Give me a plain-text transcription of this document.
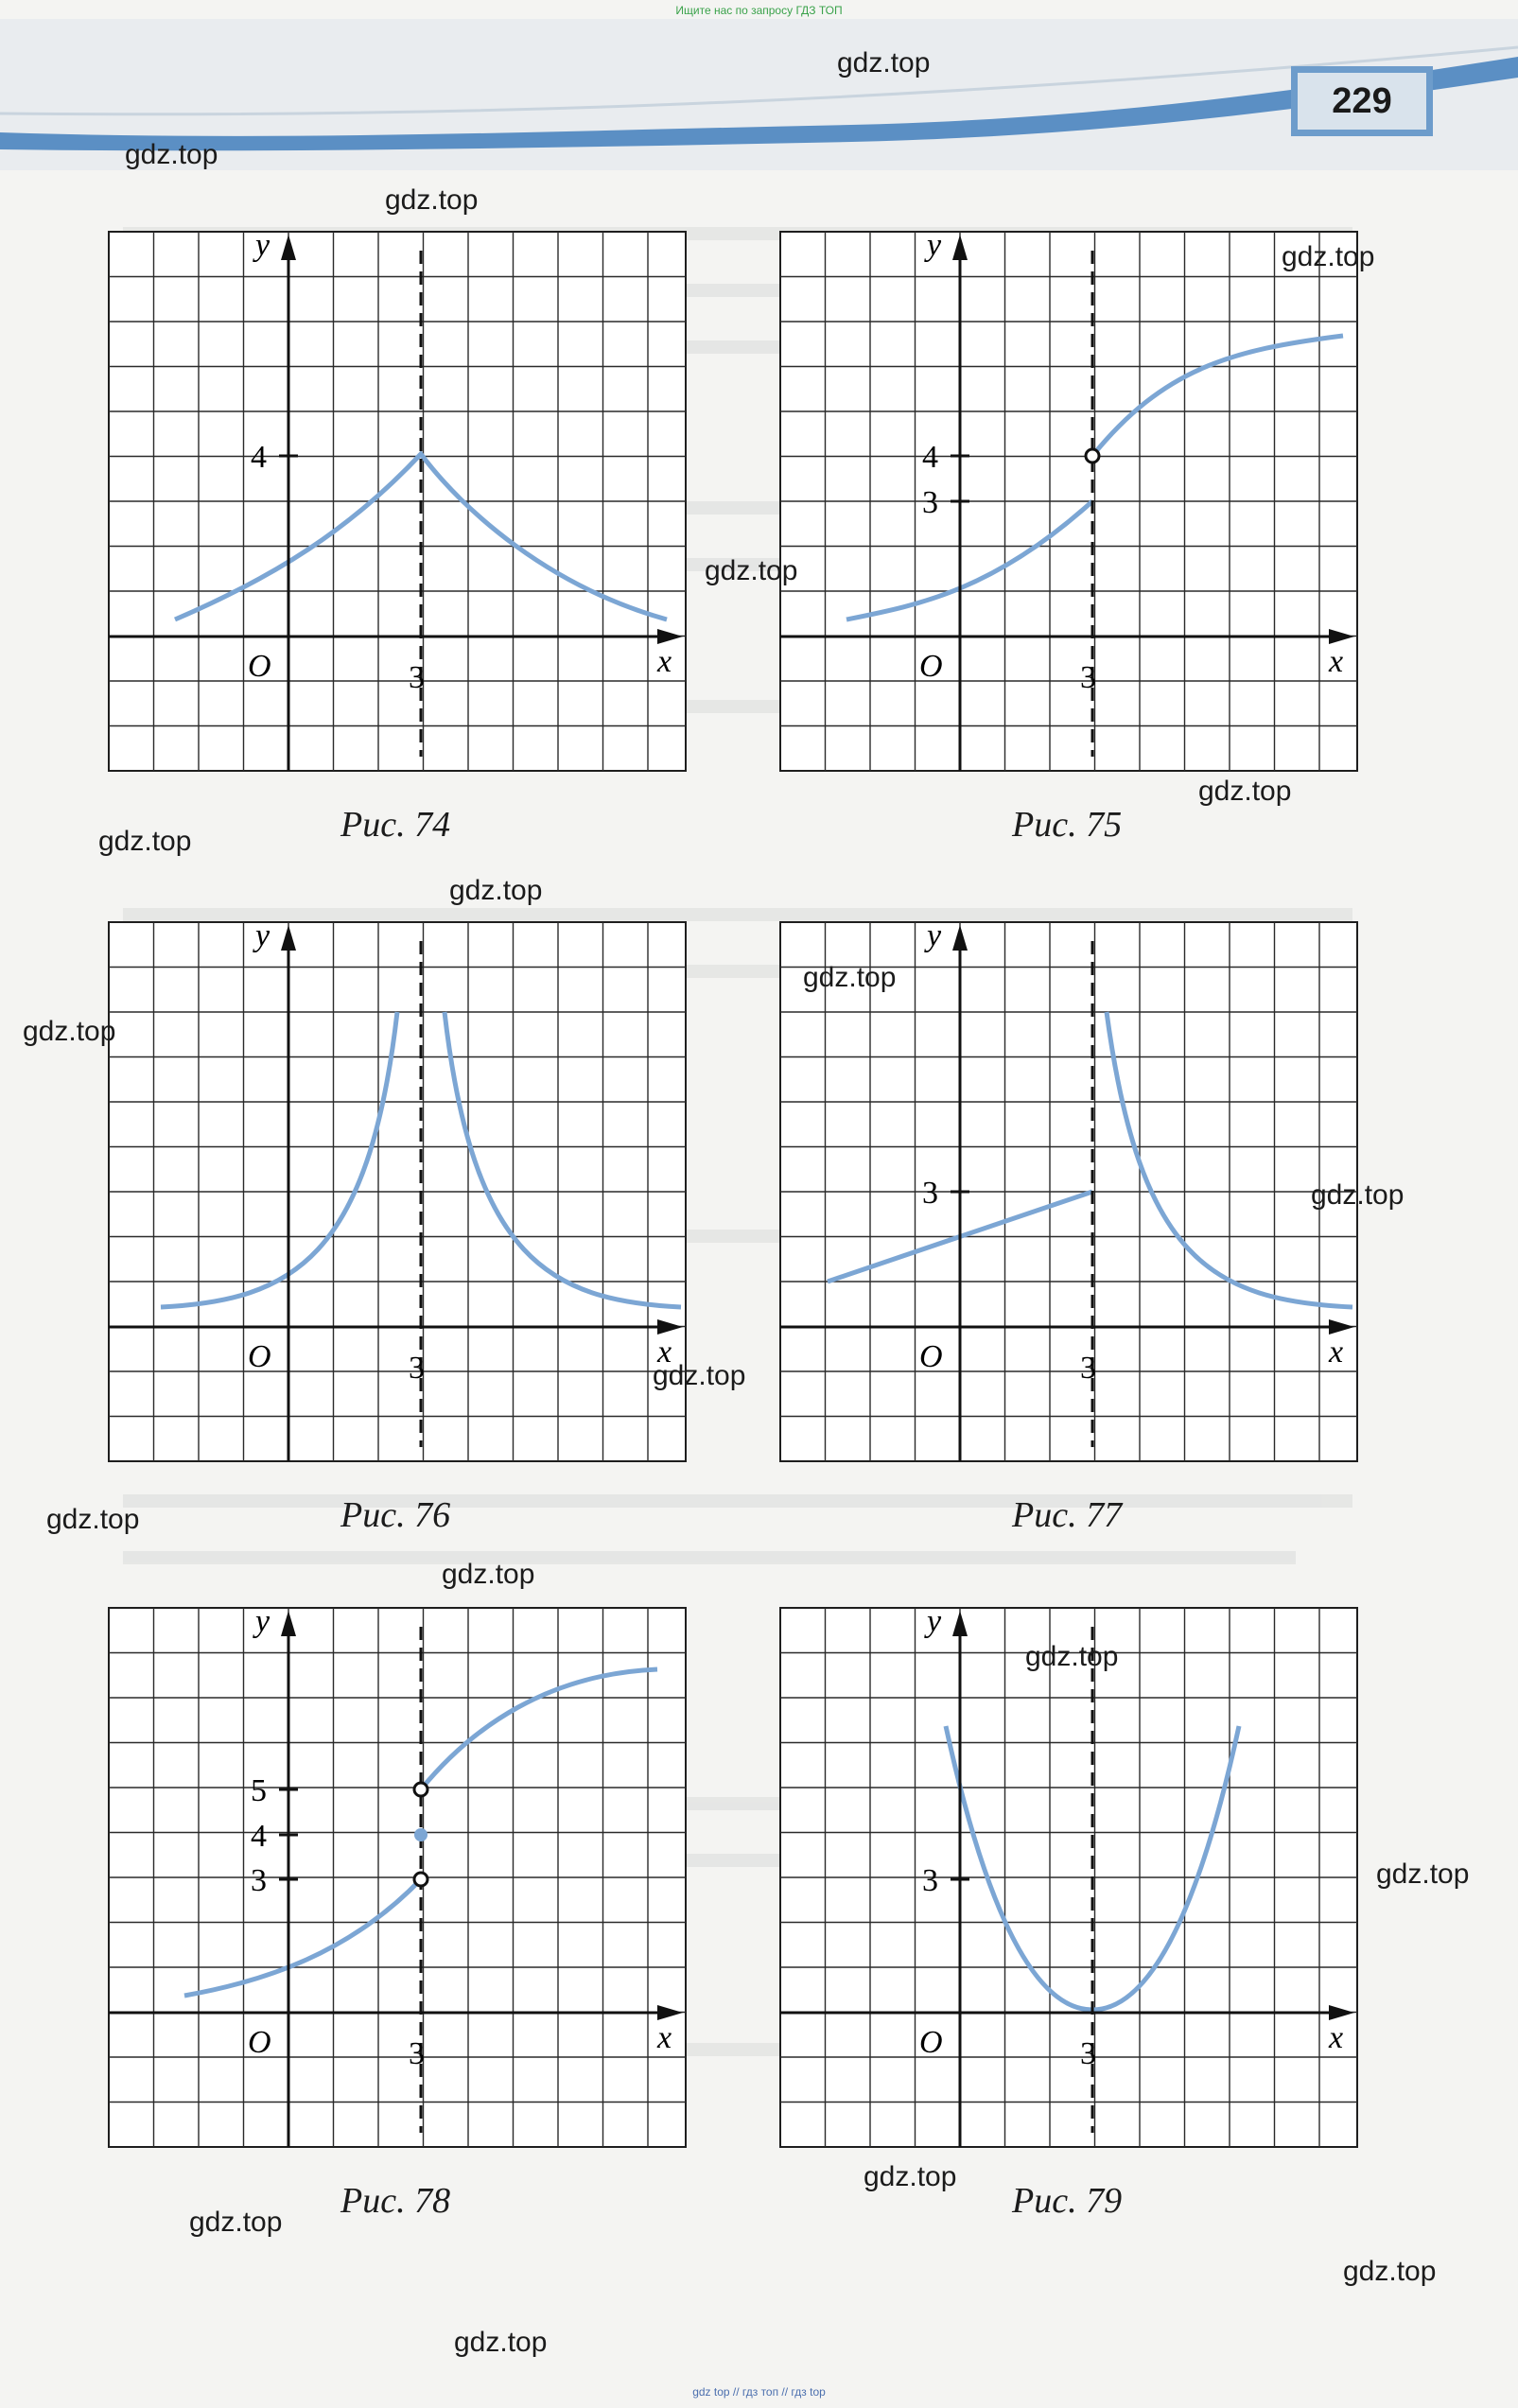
Ищите нас по запросу ГДЗ ТОП
229
y
x
O	3
4
Рис. 74
y
x
O	3
4
3
Рис. 75
y
x
O	3
Рис. 76
y
x
O	3
3
Рис. 77
y
x
O	3
5
4
3
Рис. 78
y
x
O	3
3
Рис. 79
gdz.top
gdz.top
gdz.top
gdz.top
gdz.top
gdz.top
gdz.top
gdz.top
gdz.top
gdz.top
gdz.top
gdz.top
gdz.top
gdz.top
gdz.top
gdz.top
gdz.top
gdz.top
gdz.top
gdz.top
gdz top // гдз топ // гдз top
